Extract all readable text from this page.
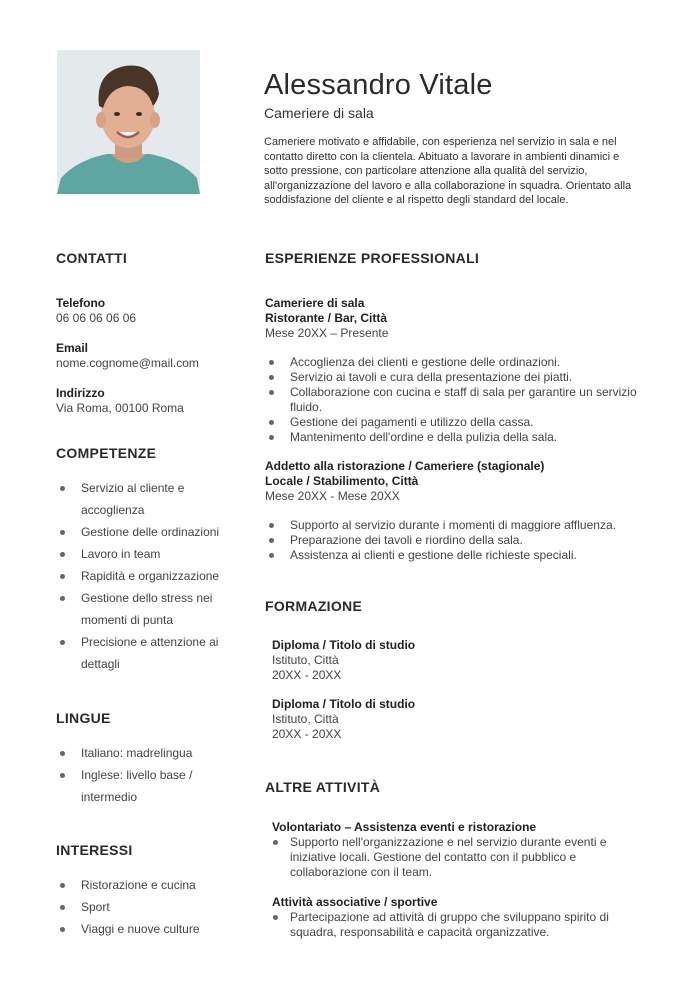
Alessandro Vitale
Cameriere di sala
Cameriere motivato e affidabile, con esperienza nel servizio in sala e nel contatto diretto con la clientela. Abituato a lavorare in ambienti dinamici e sotto pressione, con particolare attenzione alla qualità del servizio, all'organizzazione del lavoro e alla collaborazione in squadra. Orientato alla soddisfazione del cliente e al rispetto degli standard del locale.
CONTATTI
Telefono
06 06 06 06 06
Email
nome.cognome@mail.com
Indirizzo
Via Roma, 00100 Roma
COMPETENZE
Servizio al cliente e
accoglienza
Gestione delle ordinazioni
Lavoro in team
Rapidità e organizzazione
Gestione dello stress nei
momenti di punta
Precisione e attenzione ai
dettagli
LINGUE
Italiano: madrelingua
Inglese: livello base /
intermedio
INTERESSI
Ristorazione e cucina
Sport
Viaggi e nuove culture
ESPERIENZE PROFESSIONALI
Cameriere di sala
Ristorante / Bar, Città
Mese 20XX – Presente
Accoglienza dei clienti e gestione delle ordinazioni.
Servizio ai tavoli e cura della presentazione dei piatti.
Collaborazione con cucina e staff di sala per garantire un servizio fluido.
Gestione dei pagamenti e utilizzo della cassa.
Mantenimento dell'ordine e della pulizia della sala.
Addetto alla ristorazione / Cameriere (stagionale)
Locale / Stabilimento, Città
Mese 20XX - Mese 20XX
Supporto al servizio durante i momenti di maggiore affluenza.
Preparazione dei tavoli e riordino della sala.
Assistenza ai clienti e gestione delle richieste speciali.
FORMAZIONE
Diploma / Titolo di studio
Istituto, Città
20XX - 20XX
Diploma / Titolo di studio
Istituto, Città
20XX - 20XX
ALTRE ATTIVITÀ
Volontariato – Assistenza eventi e ristorazione
Supporto nell'organizzazione e nel servizio durante eventi e iniziative locali. Gestione del contatto con il pubblico e collaborazione con il team.
Attività associative / sportive
Partecipazione ad attività di gruppo che sviluppano spirito di squadra, responsabilità e capacità organizzative.
